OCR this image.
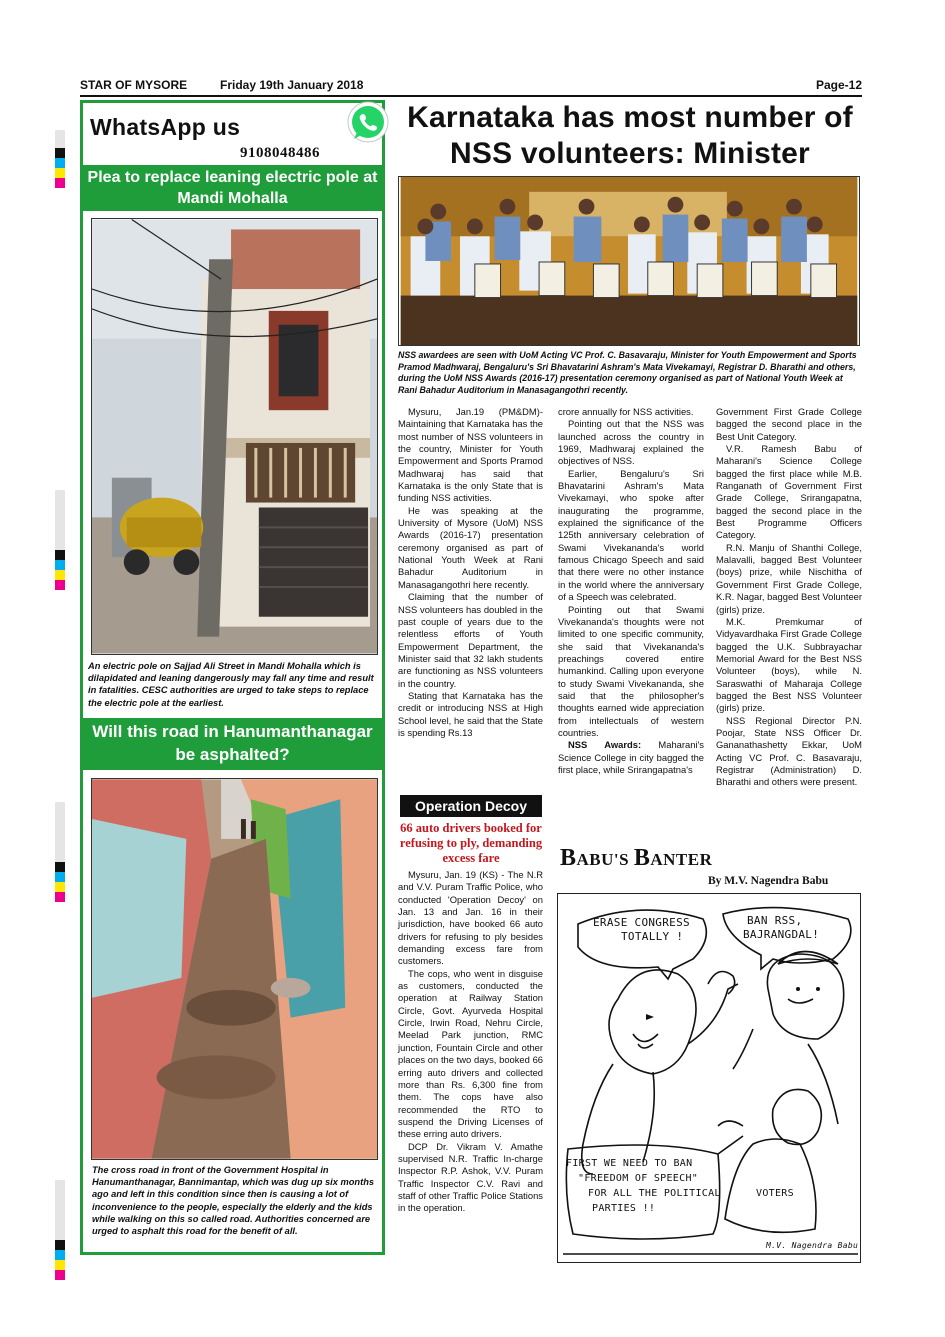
STAR OF MYSORE	Friday 19th January 2018	Page-12
WhatsApp us
9108048486
Plea to replace leaning electric pole at Mandi Mohalla
An electric pole on Sajjad Ali Street in Mandi Mohalla which is dilapidated and leaning dangerously may fall any time and result in fatalities. CESC authorities are urged to take steps to replace the electric pole at the earliest.
Will this road in Hanumanthanagar be asphalted?
The cross road in front of the Government Hospital in Hanumanthanagar, Bannimantap, which was dug up six months ago and left in this condition since then is causing a lot of inconvenience to the people, especially the elderly and the kids while walking on this so called road. Authorities concerned are urged to asphalt this road for the benefit of all.
Karnataka has most number of NSS volunteers: Minister
NSS awardees are seen with UoM Acting VC Prof. C. Basavaraju, Minister for Youth Empowerment and Sports Pramod Madhwaraj, Bengaluru's Sri Bhavatarini Ashram's Mata Vivekamayi, Registrar D. Bharathi and others, during the UoM NSS Awards (2016-17) presentation ceremony organised as part of National Youth Week at Rani Bahadur Auditorium in Manasagangothri recently.

Mysuru, Jan.19 (PM&DM)- Maintaining that Karnataka has the most number of NSS volunteers in the country, Minister for Youth Empowerment and Sports Pramod Madhwaraj has said that Karnataka is the only State that is funding NSS activities.

He was speaking at the University of Mysore (UoM) NSS Awards (2016-17) presentation ceremony organised as part of National Youth Week at Rani Bahadur Auditorium in Manasagangothri here recently.

Claiming that the number of NSS volunteers has doubled in the past couple of years due to the relentless efforts of Youth Empowerment Department, the Minister said that 32 lakh students are functioning as NSS volunteers in the country.

Stating that Karnataka has the credit or introducing NSS at High School level, he said that the State is spending Rs.13

crore annually for NSS activities.

Pointing out that the NSS was launched across the country in 1969, Madhwaraj explained the objectives of NSS.

Earlier, Bengaluru's Sri Bhavatarini Ashram's Mata Vivekamayi, who spoke after inaugurating the programme, explained the significance of the 125th anniversary celebration of Swami Vivekananda's world famous Chicago Speech and said that there were no other instance in the world where the anniversary of a Speech was celebrated.

Pointing out that Swami Vivekananda's thoughts were not limited to one specific community, she said that Vivekananda's preachings covered entire humankind. Calling upon everyone to study Swami Vivekananda, she said that the philosopher's thoughts earned wide appreciation from intellectuals of western countries.

NSS Awards: Maharani's Science College in city bagged the first place, while Srirangapatna's

Government First Grade College bagged the second place in the Best Unit Category.

V.R. Ramesh Babu of Maharani's Science College bagged the first place while M.B. Ranganath of Government First Grade College, Srirangapatna, bagged the second place in the Best Programme Officers Category.

R.N. Manju of Shanthi College, Malavalli, bagged Best Volunteer (boys) prize, while Nischitha of Government First Grade College, K.R. Nagar, bagged Best Volunteer (girls) prize.

M.K. Premkumar of Vidyavardhaka First Grade College bagged the U.K. Subbrayachar Memorial Award for the Best NSS Volunteer (boys), while N. Saraswathi of Maharaja College bagged the Best NSS Volunteer (girls) prize.

NSS Regional Director P.N. Poojar, State NSS Officer Dr. Gananathashetty Ekkar, UoM Acting VC Prof. C. Basavaraju, Registrar (Administration) D. Bharathi and others were present.

Operation Decoy
66 auto drivers booked for refusing to ply, demanding excess fare

Mysuru, Jan. 19 (KS) - The N.R and V.V. Puram Traffic Police, who conducted 'Operation Decoy' on Jan. 13 and Jan. 16 in their jurisdiction, have booked 66 auto drivers for refusing to ply besides demanding excess fare from customers.

The cops, who went in disguise as customers, conducted the operation at Railway Station Circle, Govt. Ayurveda Hospital Circle, Irwin Road, Nehru Circle, Meelad Park junction, RMC junction, Fountain Circle and other places on the two days, booked 66 erring auto drivers and collected more than Rs. 6,300 fine from them. The cops have also recommended the RTO to suspend the Driving Licenses of these erring auto drivers.

DCP Dr. Vikram V. Amathe supervised N.R. Traffic In-charge Inspector R.P. Ashok, V.V. Puram Traffic Inspector C.V. Ravi and staff of other Traffic Police Stations in the operation.

BABU'S BANTER
By M.V. Nagendra Babu
ERASE CONGRESS
TOTALLY !
BAN RSS,
BAJRANGDAL!
FIRST WE NEED TO BAN
"FREEDOM OF SPEECH"
FOR ALL THE POLITICAL
PARTIES !!
VOTERS
M.V. Nagendra Babu
